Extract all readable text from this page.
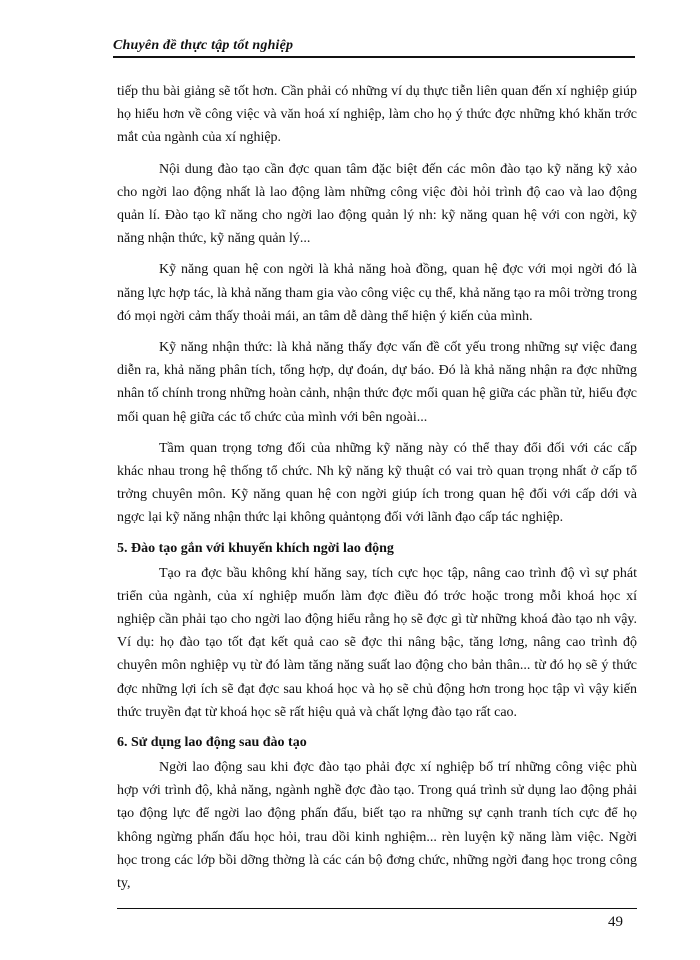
Chuyên đề thực tập tốt nghiệp

tiếp thu bài giảng sẽ tốt hơn. Cần phải có những ví dụ thực tiễn liên quan đến xí nghiệp giúp họ hiểu hơn về công việc và văn hoá xí nghiệp, làm cho họ ý thức đợc những khó khăn trớc mắt của ngành của xí nghiệp.

Nội dung đào tạo cần đợc quan tâm đặc biệt đến các môn đào tạo kỹ năng kỹ xảo cho ngời lao động nhất là lao động làm những công việc đòi hỏi trình độ cao và lao động quản lí. Đào tạo kĩ năng cho ngời lao động quản lý nh: kỹ năng quan hệ với con ngời, kỹ năng nhận thức, kỹ năng quản lý...

Kỹ năng quan hệ con ngời là khả năng hoà đồng, quan hệ đợc với mọi ngời đó là năng lực hợp tác, là khả năng tham gia vào công việc cụ thể, khả năng tạo ra môi trờng trong đó mọi ngời cảm thấy thoải mái, an tâm dễ dàng thể hiện ý kiến của mình.

Kỹ năng nhận thức: là khả năng thấy đợc vấn đề cốt yếu trong những sự việc đang diễn ra, khả năng phân tích, tổng hợp, dự đoán, dự báo. Đó là khả năng nhận ra đợc những nhân tố chính trong những hoàn cảnh, nhận thức đợc mối quan hệ giữa các phần tử, hiểu đợc mối quan hệ giữa các tổ chức của mình với bên ngoài...

Tầm quan trọng tơng đối của những kỹ năng này có thể thay đổi đối với các cấp khác nhau trong hệ thống tổ chức. Nh kỹ năng kỹ thuật có vai trò quan trọng nhất ở cấp tổ trởng chuyên môn. Kỹ năng quan hệ con ngời giúp ích trong quan hệ đối với cấp dới và ngợc lại kỹ năng nhận thức lại không quảntọng đối với lãnh đạo cấp tác nghiệp.

5. Đào tạo gắn với khuyến khích ngời lao động

Tạo ra đợc bầu không khí hăng say, tích cực học tập, nâng cao trình độ vì sự phát triển của ngành, của xí nghiệp muốn làm đợc điều đó trớc hoặc trong mỗi khoá học xí nghiệp cần phải tạo cho ngời lao động hiểu rằng họ sẽ đợc gì từ những khoá đào tạo nh vậy. Ví dụ: họ đào tạo tốt đạt kết quả cao sẽ đợc thi nâng bậc, tăng lơng, nâng cao trình độ chuyên môn nghiệp vụ từ đó làm tăng năng suất lao động cho bản thân... từ đó họ sẽ ý thức đợc những lợi ích sẽ đạt đợc sau khoá học và họ sẽ chủ động hơn trong học tập vì vậy kiến thức truyền đạt từ khoá học sẽ rất hiệu quả và chất lợng đào tạo rất cao.

6. Sử dụng lao động sau đào tạo

Ngời lao động sau khi đợc đào tạo phải đợc xí nghiệp bố trí những công việc phù hợp với trình độ, khả năng, ngành nghề đợc đào tạo. Trong quá trình sử dụng lao động phải tạo động lực để ngời lao động phấn đấu, biết tạo ra những sự cạnh tranh tích cực để họ không ngừng phấn đấu học hỏi, trau dồi kinh nghiệm... rèn luyện kỹ năng làm việc. Ngời học trong các lớp bồi dỡng thờng là các cán bộ đơng chức, những ngời đang học trong công ty,

49
